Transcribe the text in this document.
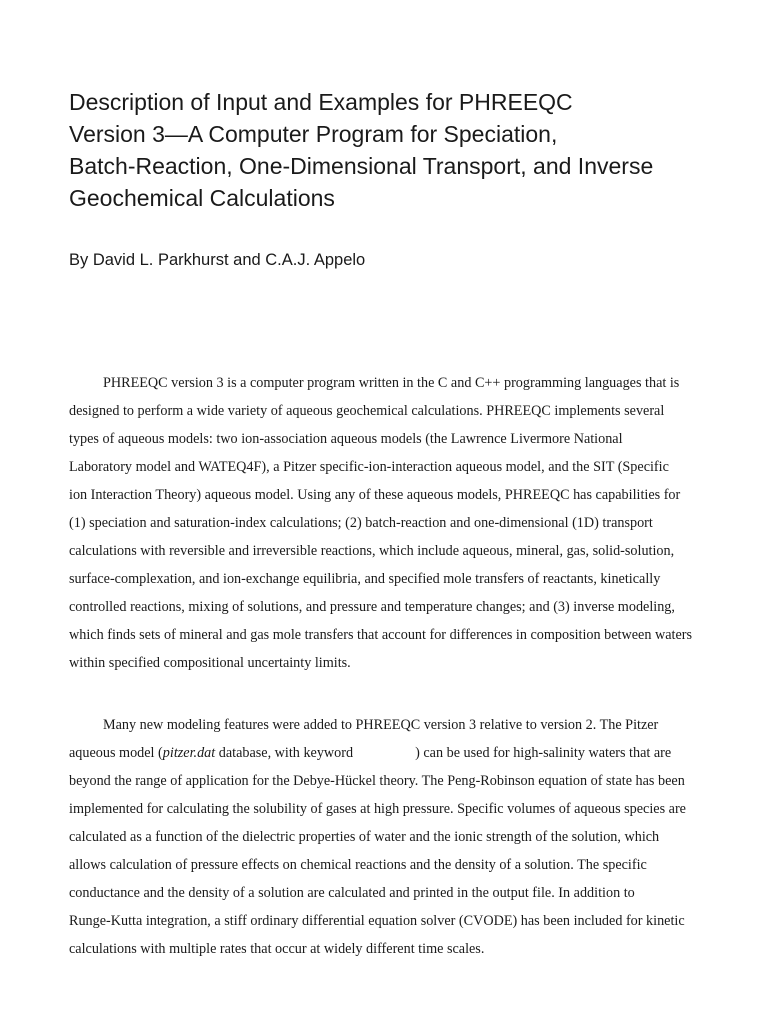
Description of Input and Examples for PHREEQC
Version 3—A Computer Program for Speciation,
Batch-Reaction, One-Dimensional Transport, and Inverse
Geochemical Calculations

By David L. Parkhurst and C.A.J. Appelo

PHREEQC version 3 is a computer program written in the C and C++ programming languages that is
designed to perform a wide variety of aqueous geochemical calculations. PHREEQC implements several
types of aqueous models: two ion-association aqueous models (the Lawrence Livermore National
Laboratory model and WATEQ4F), a Pitzer specific-ion-interaction aqueous model, and the SIT (Specific
ion Interaction Theory) aqueous model. Using any of these aqueous models, PHREEQC has capabilities for
(1) speciation and saturation-index calculations; (2) batch-reaction and one-dimensional (1D) transport
calculations with reversible and irreversible reactions, which include aqueous, mineral, gas, solid-solution,
surface-complexation, and ion-exchange equilibria, and specified mole transfers of reactants, kinetically
controlled reactions, mixing of solutions, and pressure and temperature changes; and (3) inverse modeling,
which finds sets of mineral and gas mole transfers that account for differences in composition between waters
within specified compositional uncertainty limits.
Many new modeling features were added to PHREEQC version 3 relative to version 2. The Pitzer
aqueous model (pitzer.dat database, with keyword	) can be used for high-salinity waters that are
beyond the range of application for the Debye-Hückel theory. The Peng-Robinson equation of state has been
implemented for calculating the solubility of gases at high pressure. Specific volumes of aqueous species are
calculated as a function of the dielectric properties of water and the ionic strength of the solution, which
allows calculation of pressure effects on chemical reactions and the density of a solution. The specific
conductance and the density of a solution are calculated and printed in the output file. In addition to
Runge-Kutta integration, a stiff ordinary differential equation solver (CVODE) has been included for kinetic
calculations with multiple rates that occur at widely different time scales.
